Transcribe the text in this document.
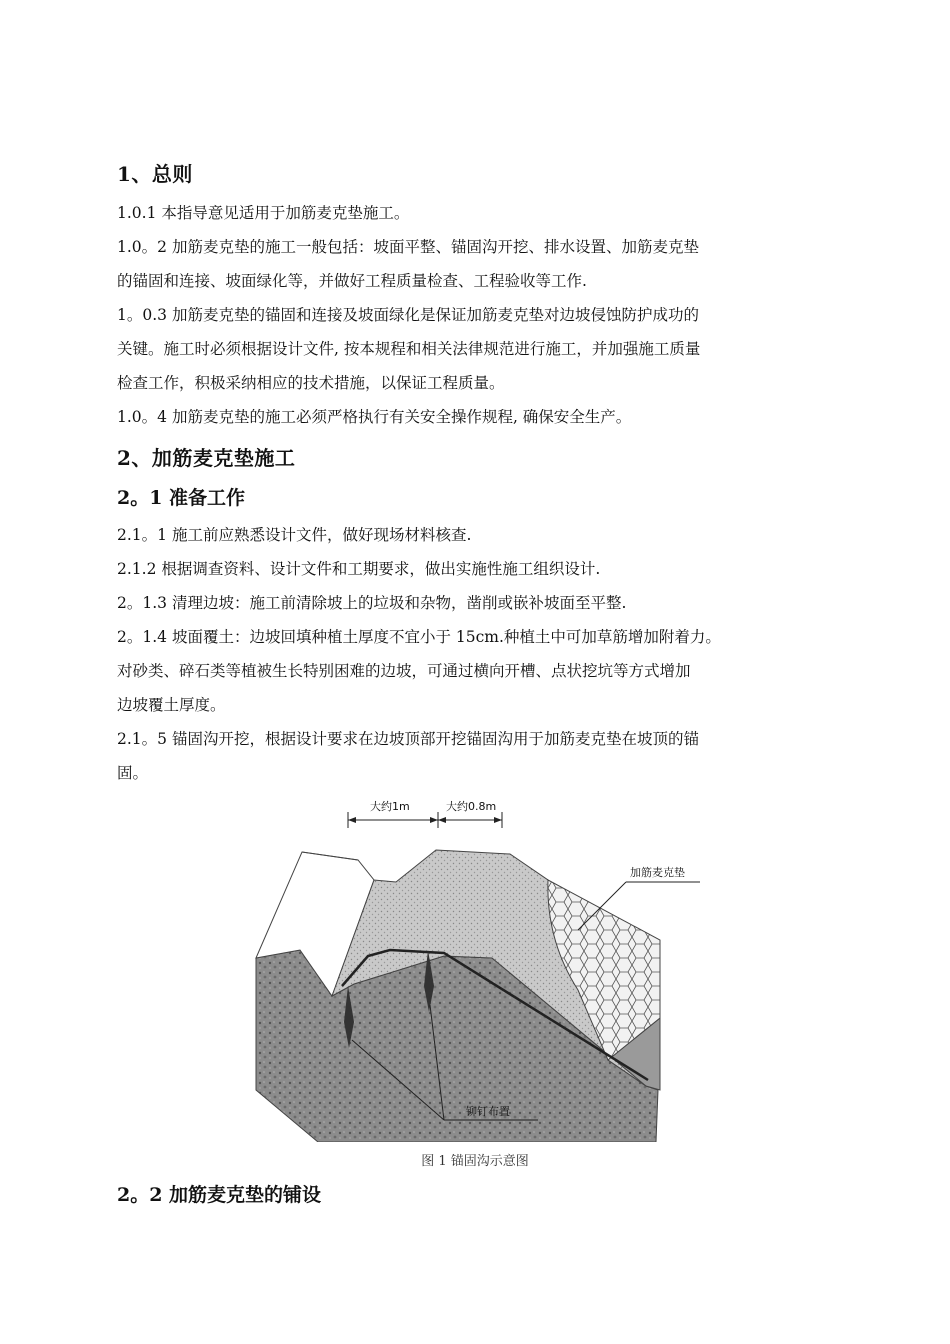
1、总则
1.0.1 本指导意见适用于加筋麦克垫施工。
1.0。2 加筋麦克垫的施工一般包括：坡面平整、锚固沟开挖、排水设置、加筋麦克垫
的锚固和连接、坡面绿化等，并做好工程质量检查、工程验收等工作.
1。0.3 加筋麦克垫的锚固和连接及坡面绿化是保证加筋麦克垫对边坡侵蚀防护成功的
关键。施工时必须根据设计文件, 按本规程和相关法律规范进行施工，并加强施工质量
检查工作，积极采纳相应的技术措施，以保证工程质量。
1.0。4 加筋麦克垫的施工必须严格执行有关安全操作规程, 确保安全生产。
2、加筋麦克垫施工
2。1 准备工作
2.1。1 施工前应熟悉设计文件，做好现场材料核查.
2.1.2 根据调查资料、设计文件和工期要求，做出实施性施工组织设计.
2。1.3 清理边坡：施工前清除坡上的垃圾和杂物，凿削或嵌补坡面至平整.
2。1.4 坡面覆土：边坡回填种植土厚度不宜小于 15cm.种植土中可加草筋增加附着力。
对砂类、碎石类等植被生长特别困难的边坡，可通过横向开槽、点状挖坑等方式增加
边坡覆土厚度。
2.1。5 锚固沟开挖，根据设计要求在边坡顶部开挖锚固沟用于加筋麦克垫在坡顶的锚
固。
大约1m	大约0.8m
加筋麦克垫
铆钉布置
图 1 锚固沟示意图
2。2 加筋麦克垫的铺设
